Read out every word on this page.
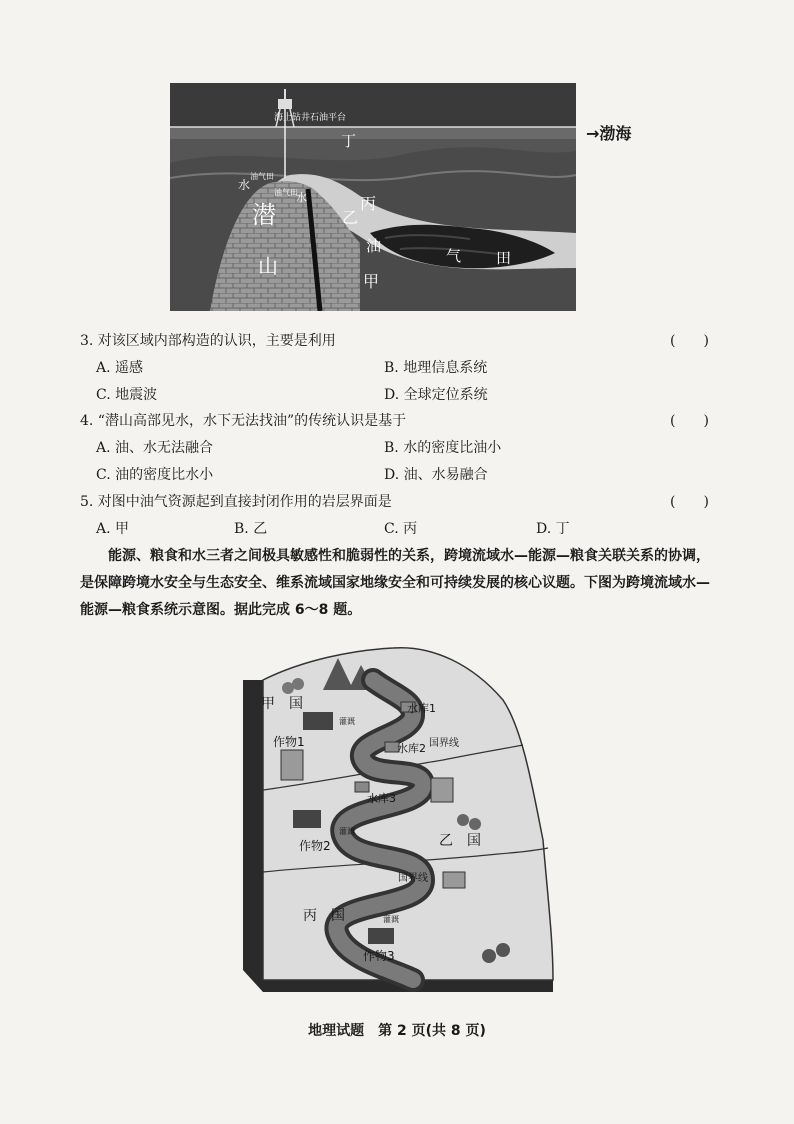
海上钻井石油平台
丁
水
油气田
油气田
水
潜
山
丙
乙
油
气 田
甲
→渤海
3. 对该区域内部构造的认识，主要是利用	(　　)
A. 遥感	B. 地理信息系统
C. 地震波	D. 全球定位系统
4. “潜山高部见水，水下无法找油”的传统认识是基于	(　　)
A. 油、水无法融合	B. 水的密度比油小
C. 油的密度比水小	D. 油、水易融合
5. 对图中油气资源起到直接封闭作用的岩层界面是	(　　)
A. 甲	B. 乙	C. 丙	D. 丁
能源、粮食和水三者之间极具敏感性和脆弱性的关系，跨境流域水—能源—粮食关联关系的协调，是保障跨境水安全与生态安全、维系流域国家地缘安全和可持续发展的核心议题。下图为跨境流域水—能源—粮食系统示意图。据此完成 6～8 题。
甲　国
乙　国
丙　国
水库1
水库2
水库3
国界线
国界线
作物1
作物2
作物3
灌溉
灌溉
灌溉
地理试题　第 2 页(共 8 页)
